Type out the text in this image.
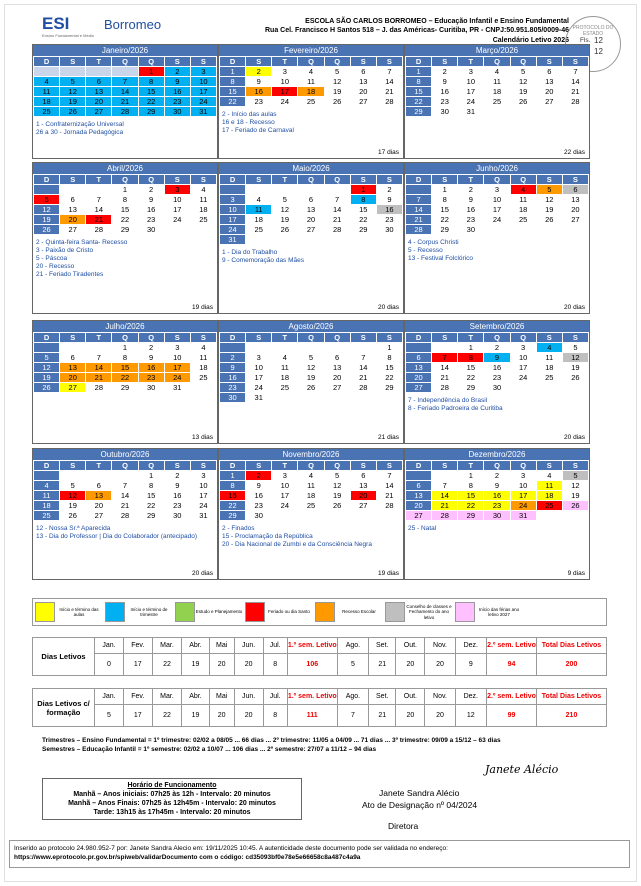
ESI	Borromeo
Ensino Fundamental e Médio
ESCOLA SÃO CARLOS BORROMEO – Educação Infantil e Ensino Fundamental
Rua Cel. Francisco H Santos 518 – J. das Américas- Curitiba, PR - CNPJ:50.951.805/0009-46
Calendário Letivo 2026
PROTOCOLO DO ESTADO
Fls. 12
12
Janeiro/2026
D	S	T	Q	Q	S	S
				1	2	3
4	5	6	7	8	9	10
11	12	13	14	15	16	17
18	19	20	21	22	23	24
25	26	27	28	29	30	31
1 - Confraternização Universal
26 a 30 - Jornada Pedagógica
Fevereiro/2026
D	S	T	Q	Q	S	S
1	2	3	4	5	6	7
8	9	10	11	12	13	14
15	16	17	18	19	20	21
22	23	24	25	26	27	28
2 - Início das aulas
16 e 18 - Recesso
17 - Feriado de Carnaval
17 dias
Março/2026
D	S	T	Q	Q	S	S
1	2	3	4	5	6	7
8	9	10	11	12	13	14
15	16	17	18	19	20	21
22	23	24	25	26	27	28
29	30	31				
22 dias
Abril/2026
D	S	T	Q	Q	S	S
			1	2	3	4
5	6	7	8	9	10	11
12	13	14	15	16	17	18
19	20	21	22	23	24	25
26	27	28	29	30		
2 - Quinta-feira Santa- Recesso
3 - Paixão de Cristo
5 - Páscoa
20 - Recesso
21 - Feriado Tiradentes
19 dias
Maio/2026
D	S	T	Q	Q	S	S
					1	2
3	4	5	6	7	8	9
10	11	12	13	14	15	16
17	18	19	20	21	22	23
24	25	26	27	28	29	30
31						
1 - Dia do Trabalho
9 - Comemoração das Mães
20 dias
Junho/2026
D	S	T	Q	Q	S	S
	1	2	3	4	5	6
7	8	9	10	11	12	13
14	15	16	17	18	19	20
21	22	23	24	25	26	27
28	29	30				
4 - Corpus Christi
5 - Recesso
13 - Festival Folclórico
20 dias
Julho/2026
D	S	T	Q	Q	S	S
			1	2	3	4
5	6	7	8	9	10	11
12	13	14	15	16	17	18
19	20	21	22	23	24	25
26	27	28	29	30	31	
13 dias
Agosto/2026
D	S	T	Q	Q	S	S
						1
2	3	4	5	6	7	8
9	10	11	12	13	14	15
16	17	18	19	20	21	22
23	24	25	26	27	28	29
30	31					
21 dias
Setembro/2026
D	S	T	Q	Q	S	S
		1	2	3	4	5
6	7	8	9	10	11	12
13	14	15	16	17	18	19
20	21	22	23	24	25	26
27	28	29	30			
7 - Independência do Brasil
8 - Feriado Padroeira de Curitiba
20 dias
Outubro/2026
D	S	T	Q	Q	S	S
				1	2	3
4	5	6	7	8	9	10
11	12	13	14	15	16	17
18	19	20	21	22	23	24
25	26	27	28	29	30	31
12 - Nossa Sr.ª Aparecida
13 - Dia do Professor | Dia do Colaborador (antecipado)
20 dias
Novembro/2026
D	S	T	Q	Q	S	S
1	2	3	4	5	6	7
8	9	10	11	12	13	14
15	16	17	18	19	20	21
22	23	24	25	26	27	28
29	30					
2 - Finados
15 - Proclamação da República
20 - Dia Nacional de Zumbi e da Consciência Negra
19 dias
Dezembro/2026
D	S	T	Q	Q	S	S
		1	2	3	4	5
6	7	8	9	10	11	12
13	14	15	16	17	18	19
20	21	22	23	24	25	26
27	28	29	30	31		
25 - Natal
9 dias
Início e término das aulas
Início e término de trimestre
Estudo e Planejamento	Feriado ou dia Santo	Recesso Escolar
Conselho de classes e Fechamento do ano letivo
Início das férias ano letivo 2027
Dias Letivos	Jan.	Fev.	Mar.	Abr.	Mai	Jun.	Jul.	1.º sem. Letivo	Ago.	Set.	Out.	Nov.	Dez.	2.º sem. Letivo	Total Dias Letivos
	0	17	22	19	20	20	8	106	5	21	20	20	9	94	200
Dias Letivos c/ formação	Jan.	Fev.	Mar.	Abr.	Mai	Jun.	Jul.	1.º sem. Letivo	Ago.	Set.	Out.	Nov.	Dez.	2.º sem. Letivo	Total Dias Letivos
	5	17	22	19	20	20	8	111	7	21	20	20	12	99	210
Trimestres – Ensino Fundamental = 1º trimestre: 02/02 a 08/05 ... 66 dias ... 2º trimestre: 11/05 a 04/09 ... 71 dias ... 3º trimestre: 09/09 a 15/12 – 63 dias
Semestres – Educação Infantil = 1º semestre: 02/02 a 10/07 ... 106 dias ... 2º semestre: 27/07 a 11/12 – 94 dias
Horário de Funcionamento
Manhã – Anos iniciais: 07h25 às 12h - Intervalo: 20 minutos
Manhã – Anos Finais: 07h25 às 12h45m - Intervalo: 20 minutos
Tarde: 13h15 às 17h45m - Intervalo: 20 minutos
Janete Alécio
Janete Sandra Alécio
Ato de Designação nº 04/2024
Diretora
Inserido ao protocolo 24.980.952-7 por: Janete Sandra Alecio em: 19/11/2025 10:45. A autenticidade deste documento pode ser validada no endereço:
https://www.eprotocolo.pr.gov.br/spiweb/validarDocumento com o código: cd35093bf0e78e5e66658c8a487c4a9a
